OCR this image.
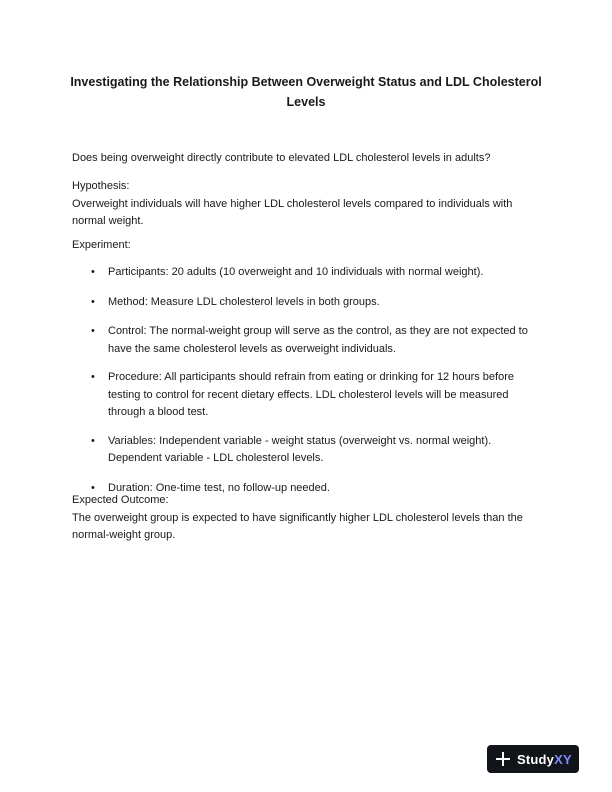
Investigating the Relationship Between Overweight Status and LDL Cholesterol Levels
Does being overweight directly contribute to elevated LDL cholesterol levels in adults?
Hypothesis:
Overweight individuals will have higher LDL cholesterol levels compared to individuals with normal weight.
Experiment:
• Participants: 20 adults (10 overweight and 10 individuals with normal weight).
• Method: Measure LDL cholesterol levels in both groups.
• Control: The normal-weight group will serve as the control, as they are not expected to have the same cholesterol levels as overweight individuals.
• Procedure: All participants should refrain from eating or drinking for 12 hours before testing to control for recent dietary effects. LDL cholesterol levels will be measured through a blood test.
• Variables: Independent variable - weight status (overweight vs. normal weight). Dependent variable - LDL cholesterol levels.
• Duration: One-time test, no follow-up needed.
Expected Outcome:
The overweight group is expected to have significantly higher LDL cholesterol levels than the normal-weight group.
StudyXY
